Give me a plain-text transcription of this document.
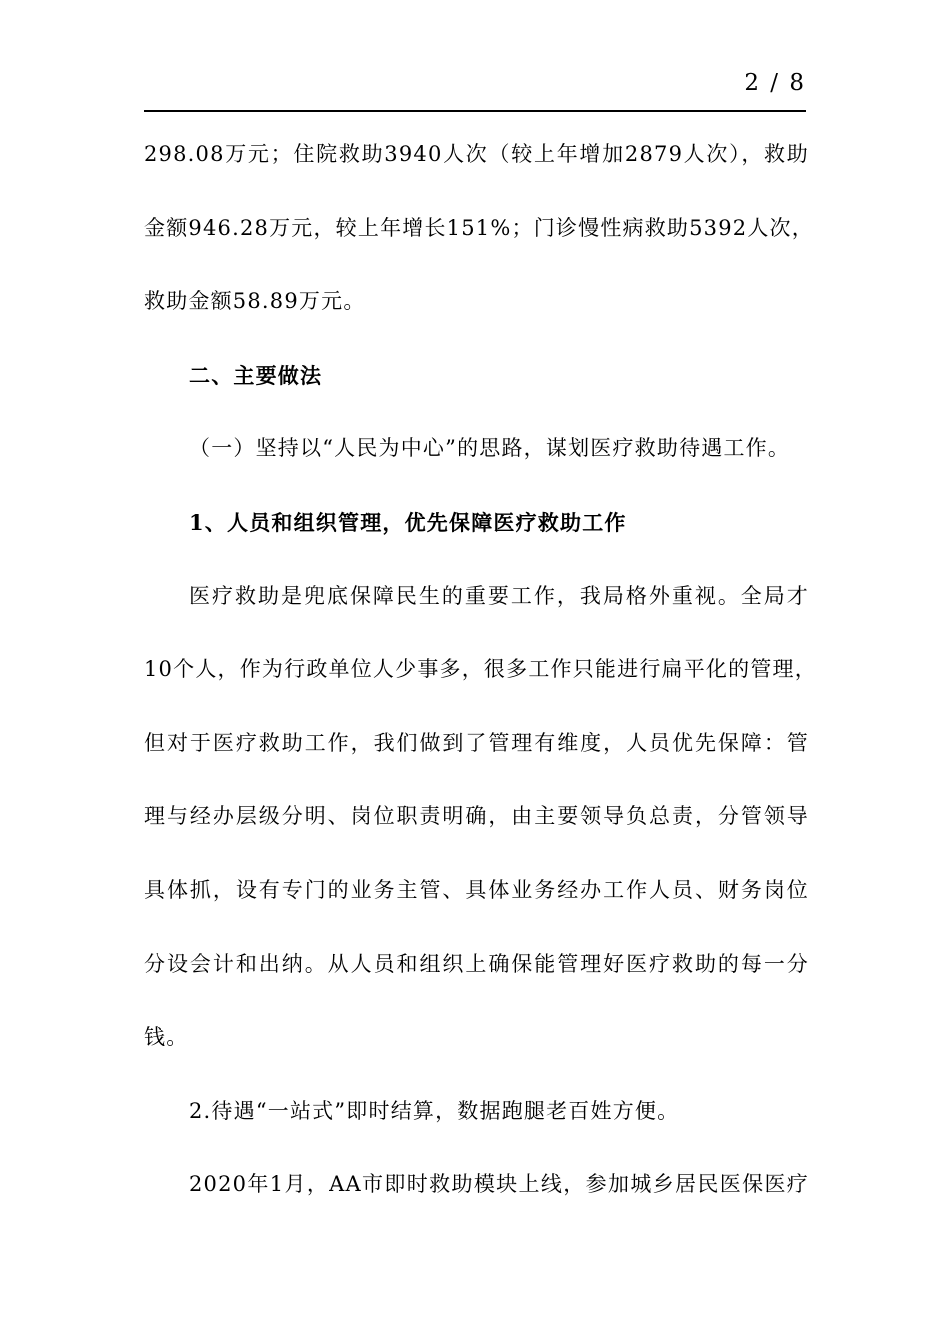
2 / 8
298.08万元；住院救助3940人次（较上年增加2879人次），救助
金额946.28万元，较上年增长151%；门诊慢性病救助5392人次，
救助金额58.89万元。
二、主要做法
（一）坚持以“人民为中心”的思路，谋划医疗救助待遇工作。
1、人员和组织管理，优先保障医疗救助工作
医疗救助是兜底保障民生的重要工作，我局格外重视。全局才
10个人，作为行政单位人少事多，很多工作只能进行扁平化的管理，
但对于医疗救助工作，我们做到了管理有维度，人员优先保障：管
理与经办层级分明、岗位职责明确，由主要领导负总责，分管领导
具体抓，设有专门的业务主管、具体业务经办工作人员、财务岗位
分设会计和出纳。从人员和组织上确保能管理好医疗救助的每一分
钱。
2.待遇“一站式”即时结算，数据跑腿老百姓方便。
2020年1月，AA市即时救助模块上线，参加城乡居民医保医疗
